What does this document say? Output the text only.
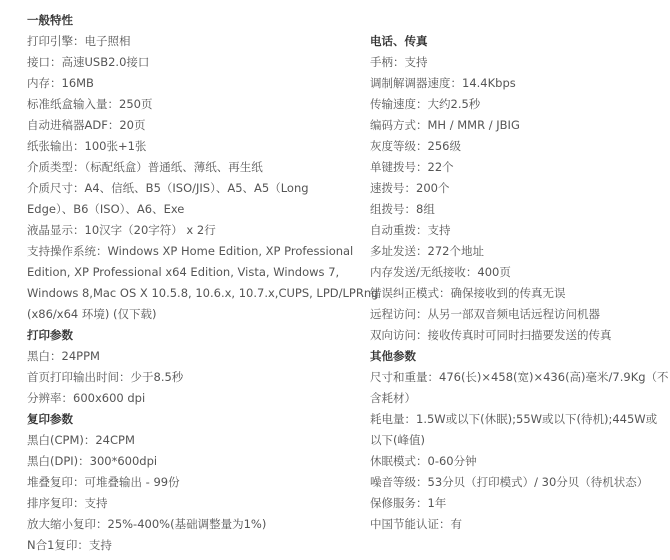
一般特性
打印引擎：电子照相
接口：高速USB2.0接口
内存：16MB
标准纸盒输入量：250页
自动进稿器ADF：20页
纸张输出：100张+1张
介质类型：（标配纸盒）普通纸、薄纸、再生纸
介质尺寸：A4、信纸、B5（ISO/JIS）、A5、A5（Long
Edge）、B6（ISO）、A6、Exe
液晶显示：10汉字（20字符） x 2行
支持操作系统：Windows XP Home Edition, XP Professional
Edition, XP Professional x64 Edition, Vista, Windows 7,
Windows 8,Mac OS X 10.5.8, 10.6.x, 10.7.x,CUPS, LPD/LPRng
(x86/x64 环境) (仅下载)
打印参数
黑白：24PPM
首页打印输出时间：少于8.5秒
分辨率：600x600 dpi
复印参数
黑白(CPM)：24CPM
黑白(DPI)：300*600dpi
堆叠复印：可堆叠输出 - 99份
排序复印：支持
放大缩小复印：25%-400%(基础调整量为1%)
N合1复印：支持
电话、传真
手柄：支持
调制解调器速度：14.4Kbps
传输速度：大约2.5秒
编码方式：MH / MMR / JBIG
灰度等级：256级
单键拨号：22个
速拨号：200个
组拨号：8组
自动重拨：支持
多址发送：272个地址
内存发送/无纸接收：400页
错误纠正模式：确保接收到的传真无误
远程访问：从另一部双音频电话远程访问机器
双向访问：接收传真时可同时扫描要发送的传真
其他参数
尺寸和重量：476(长)×458(宽)×436(高)毫米/7.9Kg（不
含耗材）
耗电量：1.5W或以下(休眠);55W或以下(待机);445W或
以下(峰值)
休眠模式：0-60分钟
噪音等级：53分贝（打印模式）/ 30分贝（待机状态）
保修服务：1年
中国节能认证：有
